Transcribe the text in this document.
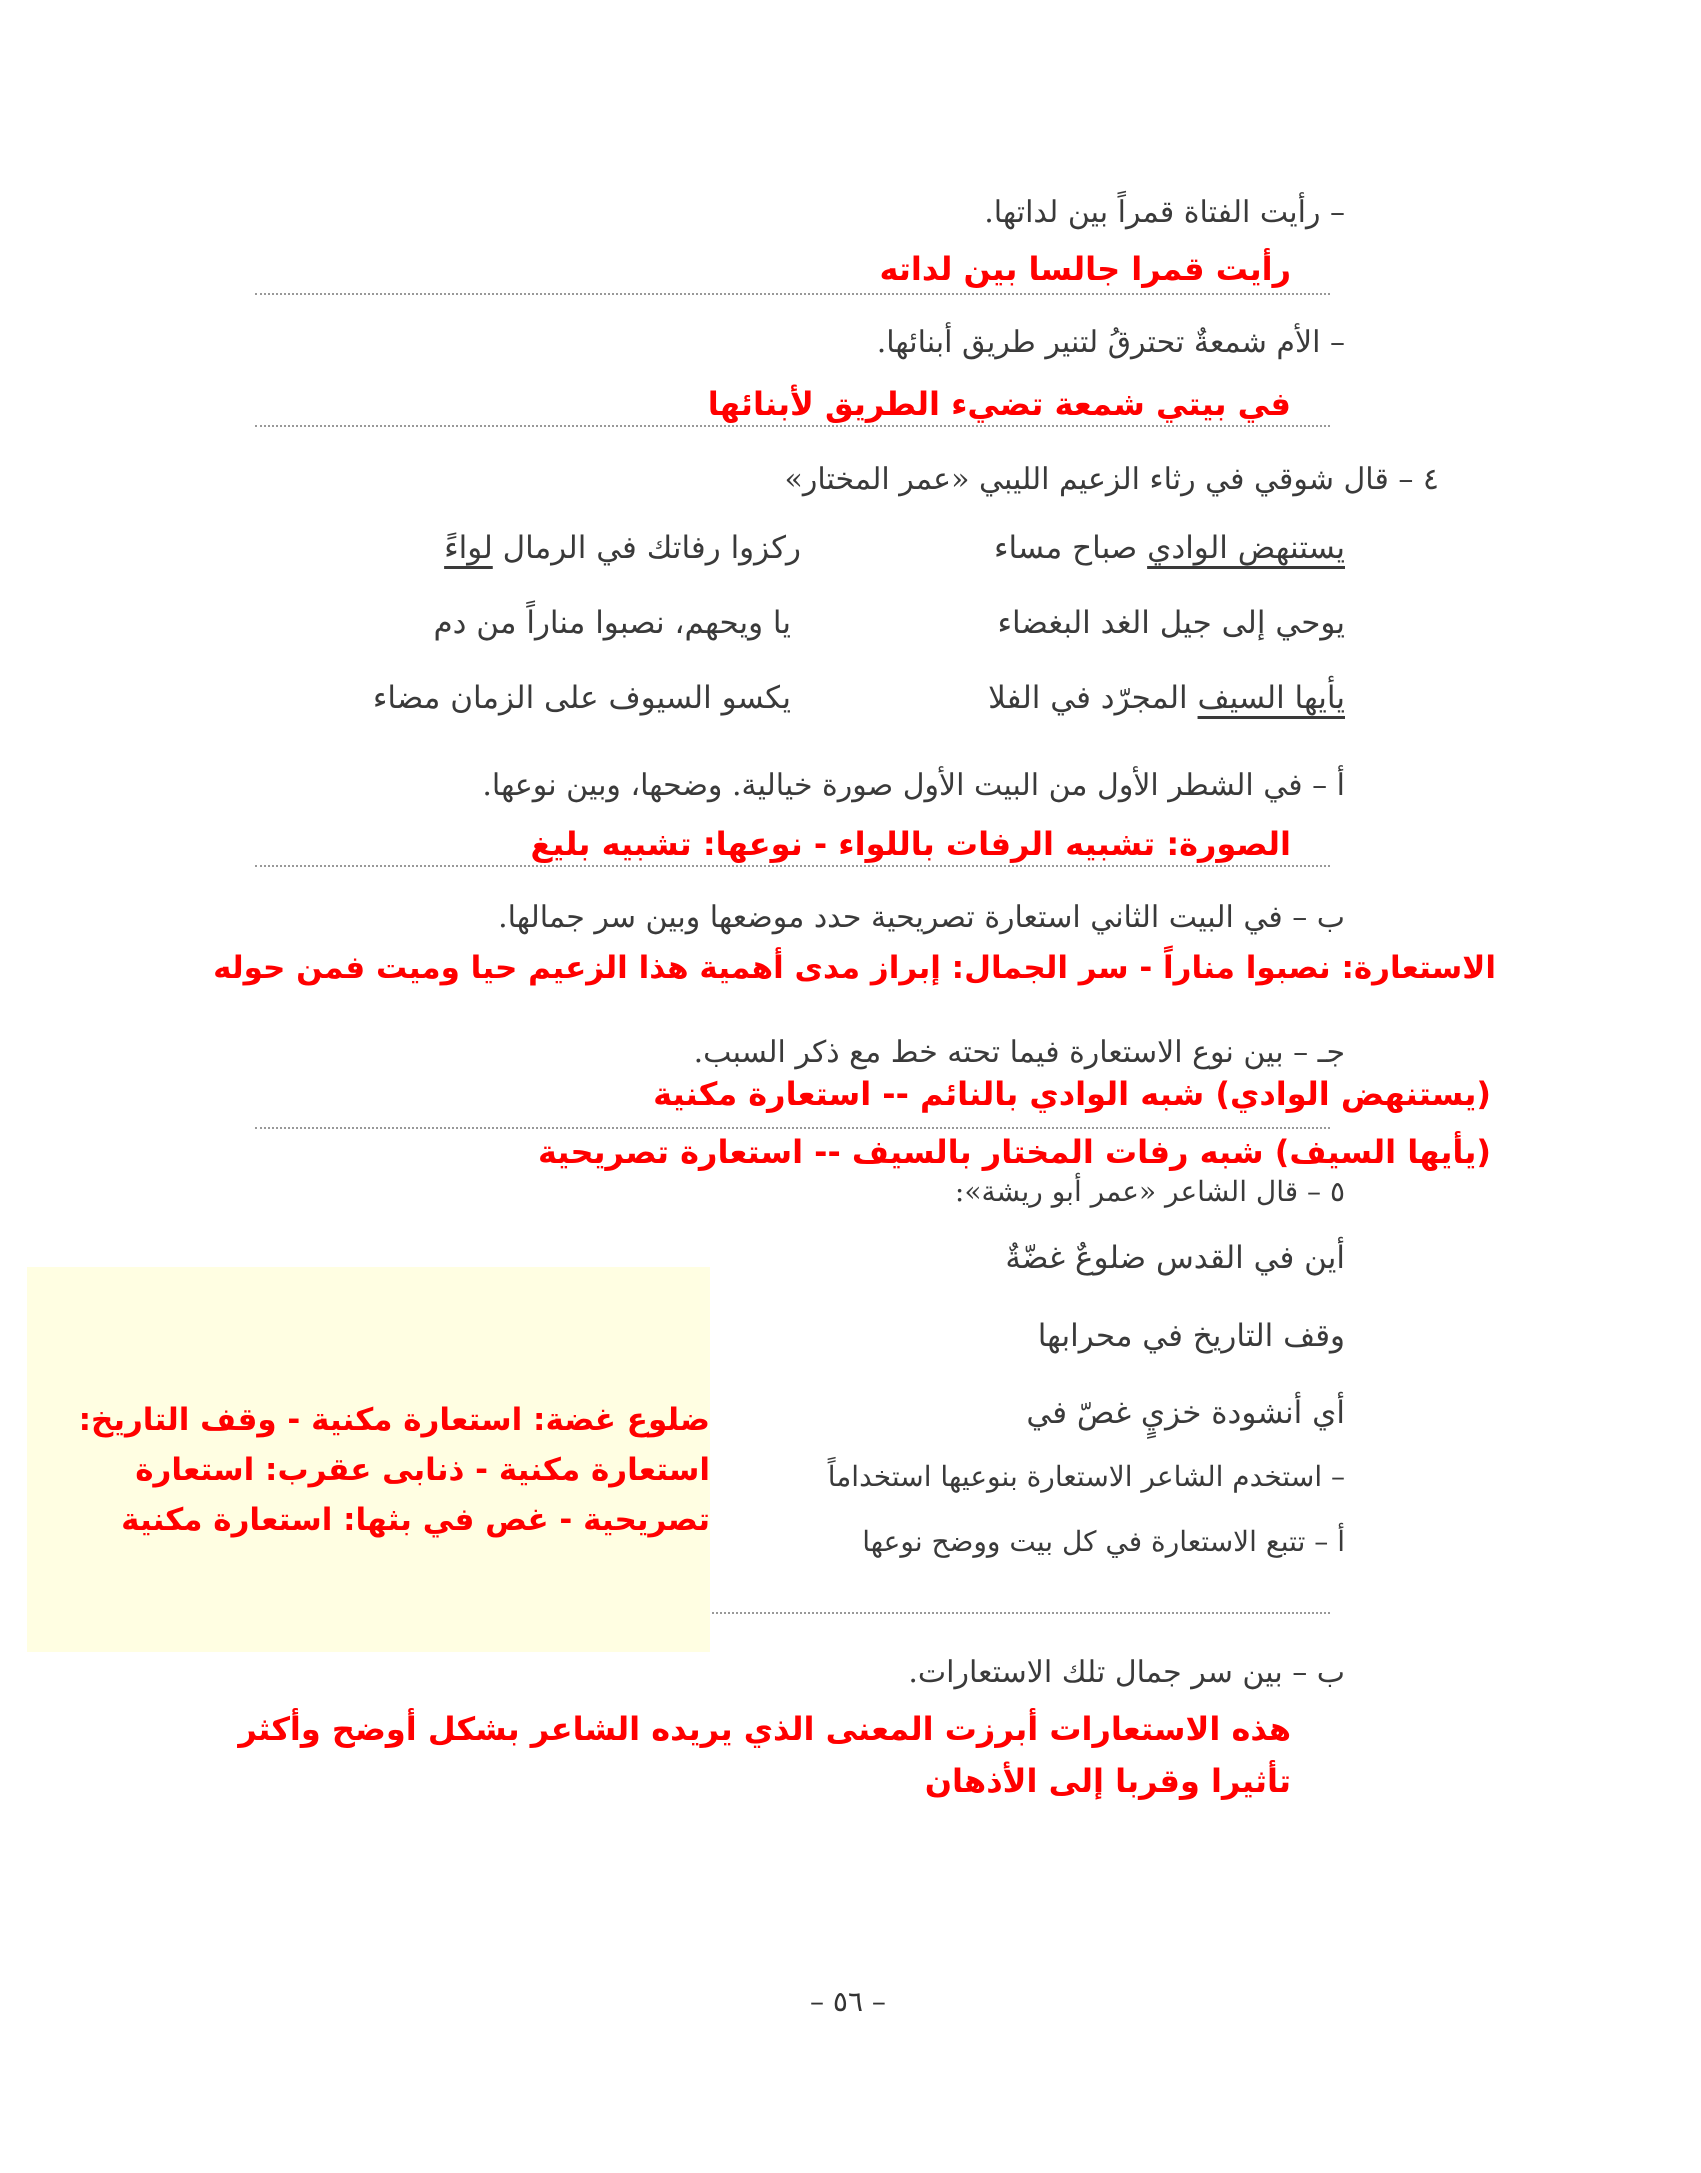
– رأيت الفتاة قمراً بين لداتها.
رأيت قمرا جالسا بين لداته
– الأم شمعةٌ تحترقُ لتنير طريق أبنائها.
في بيتي شمعة تضيء الطريق لأبنائها
٤ – قال شوقي في رثاء الزعيم الليبي «عمر المختار»
يستنهض الوادي صباح مساء
ركزوا رفاتك في الرمال لواءً
يوحي إلى جيل الغد البغضاء
يا ويحهم، نصبوا مناراً من دم
يأيها السيف المجرّد في الفلا
يكسو السيوف على الزمان مضاء
أ – في الشطر الأول من البيت الأول صورة خيالية. وضحها، وبين نوعها.
الصورة: تشبيه الرفات باللواء - نوعها: تشبيه بليغ
ب – في البيت الثاني استعارة تصريحية حدد موضعها وبين سر جمالها.
الاستعارة: نصبوا مناراً - سر الجمال: إبراز مدى أهمية هذا الزعيم حيا وميت فمن حوله
جـ – بين نوع الاستعارة فيما تحته خط مع ذكر السبب.
(يستنهض الوادي) شبه الوادي بالنائم -- استعارة مكنية
(يأيها السيف) شبه رفات المختار بالسيف -- استعارة تصريحية
٥ – قال الشاعر «عمر أبو ريشة»:
أين في القدس ضلوعٌ غضّةٌ
وقف التاريخ في محرابها
أي أنشودة خزيٍ غصّ في
– استخدم الشاعر الاستعارة بنوعيها استخداماً
أ – تتبع الاستعارة في كل بيت ووضح نوعها
ضلوع غضة: استعارة مكنية - وقف التاريخ: استعارة مكنية - ذنابى عقرب: استعارة تصريحية - غص في بثها: استعارة مكنية
ب – بين سر جمال تلك الاستعارات.
هذه الاستعارات أبرزت المعنى الذي يريده الشاعر بشكل أوضح وأكثر
تأثيرا وقربا إلى الأذهان
– ٥٦ –
